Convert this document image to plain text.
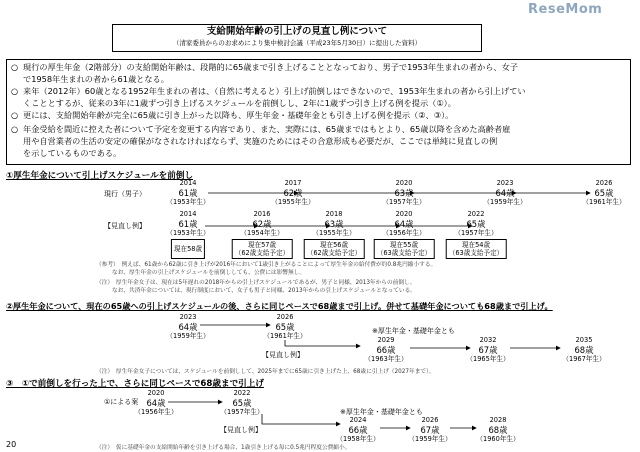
ReseMom
支給開始年齢の引上げの見直し例について
（清家委員からのお求めにより集中検討会議（平成23年5月30日）に提出した資料）
○ 現行の厚生年金（2階部分）の支給開始年齢は、段階的に65歳まで引き上げることとなっており、男子で1953年生まれの者から、女子
で1958年生まれの者から61歳となる。
○ 来年（2012年）60歳となる1952年生まれの者は、（自然に考えると）引上げ前倒しはできないので、1953年生まれの者から引上げてい
くこととするが、従来の3年に1歳ずつ引き上げるスケジュールを前倒しし、2年に1歳ずつ引き上げる例を提示（①）。
○ 更には、支給開始年齢が完全に65歳に引き上がった以降も、厚生年金・基礎年金とも引き上げる例を提示（②、③）。
○ 年金受給を間近に控えた者について予定を変更する内容であり、また、実際には、65歳まではもとより、65歳以降を含めた高齢者雇
用や自営業者の生活の安定の確保がなされなければならず、実施のためにはその合意形成も必要だが、ここでは単純に見直しの例
を示しているものである。
①厚生年金について引上げスケジュールを前倒し
現行（男子）
【見直し例】
2014
61歳
（1953年生）
2017
62歳
（1955年生）
2020
63歳
（1957年生）
2023
64歳
（1959年生）
2026
65歳
（1961年生）
2014
61歳
（1953年生）
2016
62歳
（1954年生）
2018
63歳
（1955年生）
2020
64歳
（1956年生）
2022
65歳
（1957年生）
現在58歳	現在57歳
（62歳支給予定）
現在56歳
（62歳支給予定）
現在55歳
（63歳支給予定）
現在54歳
（63歳支給予定）
（参考）　例えば、61歳から62歳に引き上げが2016年において1歳引き上がることによって厚生年金の給付費が約0.8兆円縮小する。
なお、厚生年金の引上げスケジュールを前倒ししても、公費には影響無し。
（注）　厚生年金女子は、現在は5年遅れの2018年からの引上げスケジュールであるが、男子と同様、2013年からの前倒し。
なお、共済年金については、現行制度において、女子も男子と同様、2013年からの引上げスケジュールとなっている。
②厚生年金について、現在の65歳への引上げスケジュールの後、さらに同じペースで68歳まで引上げ。併せて基礎年金についても68歳まで引上げ。
2023
64歳
（1959年生）
2026
65歳
（1961年生）
※厚生年金・基礎年金とも
【見直し例】
2029
66歳
（1963年生）
2032
67歳
（1965年生）
2035
68歳
（1967年生）
（注）　厚生年金女子については、スケジュールを前倒しして、2025年までに65歳に引き上げた上、68歳に引上げ（2027年まで）。
③　①で前倒しを行った上で、さらに同じペースで68歳まで引上げ
①による案
2020
64歳
（1956年生）
2022
65歳
（1957年生）	※厚生年金・基礎年金とも
【見直し例】
2024
66歳
（1958年生）
2026
67歳
（1959年生）
2028
68歳
（1960年生）
（注）　仮に基礎年金の支給開始年齢を引き上げる場合、1歳引き上げる毎に0.5兆円程度公費縮小。
20
